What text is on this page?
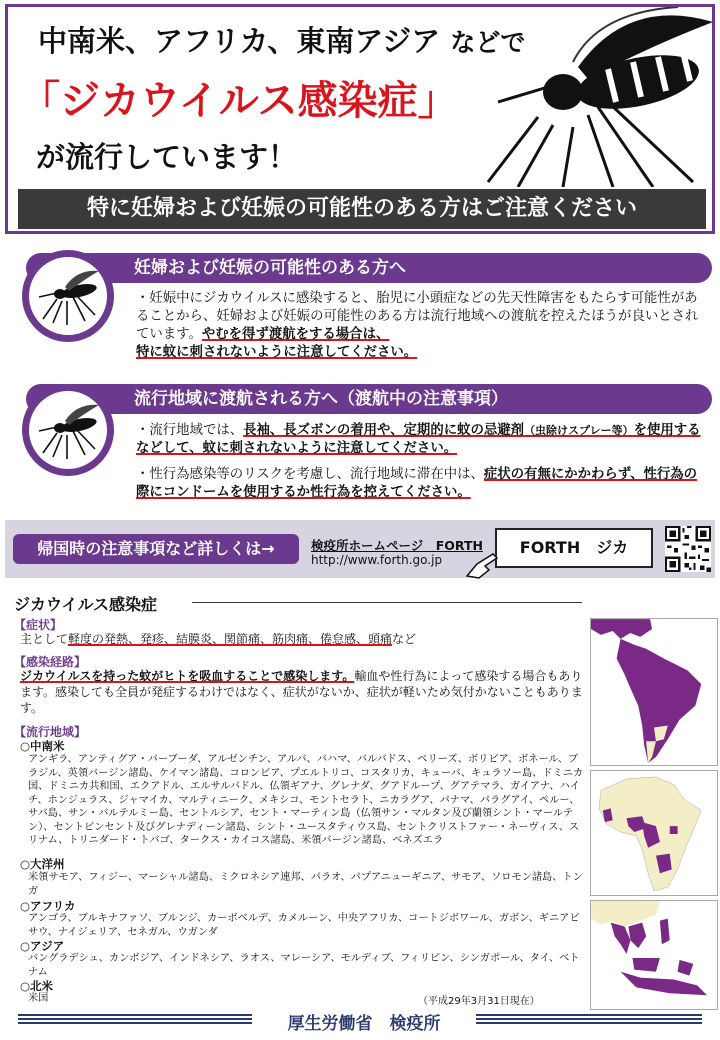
中南米、アフリカ、東南アジア などで
「ジカウイルス感染症」
が流行しています！
特に妊婦および妊娠の可能性のある方はご注意ください
妊婦および妊娠の可能性のある方へ
・妊娠中にジカウイルスに感染すると、胎児に小頭症などの先天性障害をもたらす可能性があることから、妊婦および妊娠の可能性のある方は流行地域への渡航を控えたほうが良いとされています。やむを得ず渡航をする場合は、
特に蚊に刺されないように注意してください。
流行地域に渡航される方へ（渡航中の注意事項）
・流行地域では、長袖、長ズボンの着用や、定期的に蚊の忌避剤（虫除けスプレー等）を使用するなどして、蚊に刺されないように注意してください。
・性行為感染等のリスクを考慮し、流行地域に滞在中は、症状の有無にかかわらず、性行為の際にコンドームを使用するか性行為を控えてください。
帰国時の注意事項など詳しくは→	検疫所ホームページ　FORTH
http://www.forth.go.jp
FORTH　ジカ
ジカウイルス感染症
【症状】
主として軽度の発熱、発疹、結膜炎、関節痛、筋肉痛、倦怠感、頭痛など
【感染経路】
ジカウイルスを持った蚊がヒトを吸血することで感染します。輸血や性行為によって感染する場合もあります。感染しても全員が発症するわけではなく、症状がないか、症状が軽いため気付かないこともあります。
【流行地域】
○中南米
アンギラ、アンティグア・バーブーダ、アルゼンチン、アルバ、バハマ、バルバドス、ベリーズ、ボリビア、ボネール、ブラジル、英領バージン諸島、ケイマン諸島、コロンビア、プエルトリコ、コスタリカ、キューバ、キュラソー島、ドミニカ国、ドミニカ共和国、エクアドル、エルサルバドル、仏領ギアナ、グレナダ、グアドループ、グアテマラ、ガイアナ、ハイチ、ホンジュラス、ジャマイカ、マルティニーク、メキシコ、モントセラト、ニカラグア、パナマ、パラグアイ、ペルー、サバ島、サン・バルテルミー島、セントルシア、セント・マーティン島（仏領サン・マルタン及び蘭領シント・マールテン）、セントビンセント及びグレナディーン諸島、シント・ユースタティウス島、セントクリストファー・ネーヴィス、スリナム、トリニダード・トバゴ、タークス・カイコス諸島、米領バージン諸島、ベネズエラ
○大洋州
米領サモア、フィジー、マーシャル諸島、ミクロネシア連邦、パラオ、パプアニューギニア、サモア、ソロモン諸島、トンガ
○アフリカ
アンゴラ、ブルキナファソ、ブルンジ、カーボベルデ、カメルーン、中央アフリカ、コートジボワール、ガボン、ギニアビサウ、ナイジェリア、セネガル、ウガンダ
○アジア
バングラデシュ、カンボジア、インドネシア、ラオス、マレーシア、モルディブ、フィリピン、シンガポール、タイ、ベトナム
○北米
米国	（平成29年3月31日現在）
厚生労働省　検疫所
